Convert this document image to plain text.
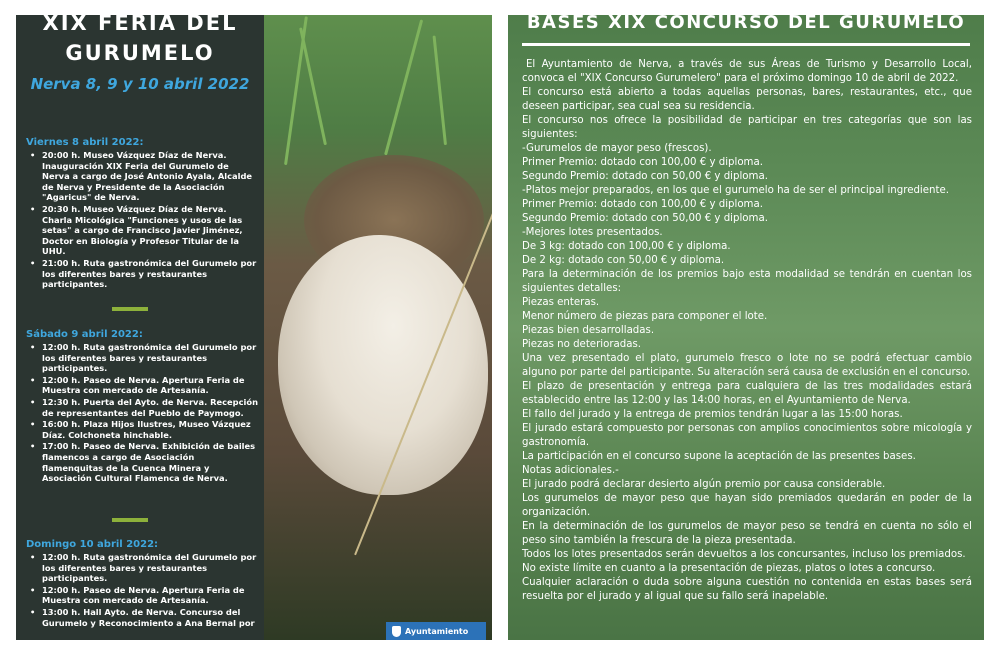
XIX FERIA DEL
GURUMELO
Nerva 8, 9 y 10 abril 2022
Viernes 8 abril 2022:
• 20:00 h. Museo Vázquez Díaz de Nerva. Inauguración XIX Feria del Gurumelo de Nerva a cargo de José Antonio Ayala, Alcalde de Nerva y Presidente de la Asociación "Agaricus" de Nerva.
• 20:30 h. Museo Vázquez Díaz de Nerva. Charla Micológica "Funciones y usos de las setas" a cargo de Francisco Javier Jiménez, Doctor en Biología y Profesor Titular de la UHU.
• 21:00 h. Ruta gastronómica del Gurumelo por los diferentes bares y restaurantes participantes.
Sábado 9 abril 2022:
• 12:00 h. Ruta gastronómica del Gurumelo por los diferentes bares y restaurantes participantes.
• 12:00 h. Paseo de Nerva. Apertura Feria de Muestra con mercado de Artesanía.
• 12:30 h. Puerta del Ayto. de Nerva. Recepción de representantes del Pueblo de Paymogo.
• 16:00 h. Plaza Hijos Ilustres, Museo Vázquez Díaz. Colchoneta hinchable.
• 17:00 h. Paseo de Nerva. Exhibición de bailes flamencos a cargo de Asociación flamenquitas de la Cuenca Minera y Asociación Cultural Flamenca de Nerva.
Domingo 10 abril 2022:
• 12:00 h. Ruta gastronómica del Gurumelo por los diferentes bares y restaurantes participantes.
• 12:00 h. Paseo de Nerva. Apertura Feria de Muestra con mercado de Artesanía.
• 13:00 h. Hall Ayto. de Nerva. Concurso del Gurumelo y Reconocimiento a Ana Bernal por
Ayuntamiento
BASES XIX CONCURSO DEL GURUMELO

El Ayuntamiento de Nerva, a través de sus Áreas de Turismo y Desarrollo Local, convoca el "XIX Concurso Gurumelero" para el próximo domingo 10 de abril de 2022.

El concurso está abierto a todas aquellas personas, bares, restaurantes, etc., que deseen participar, sea cual sea su residencia.

El concurso nos ofrece la posibilidad de participar en tres categorías que son las siguientes:

-Gurumelos de mayor peso (frescos).

Primer Premio: dotado con 100,00 € y diploma.

Segundo Premio: dotado con 50,00 € y diploma.

-Platos mejor preparados, en los que el gurumelo ha de ser el principal ingrediente.

Primer Premio: dotado con 100,00 € y diploma.

Segundo Premio: dotado con 50,00 € y diploma.

-Mejores lotes presentados.

De 3 kg: dotado con 100,00 € y diploma.

De 2 kg: dotado con 50,00 € y diploma.

Para la determinación de los premios bajo esta modalidad se tendrán en cuentan los siguientes detalles:

Piezas enteras.

Menor número de piezas para componer el lote.

Piezas bien desarrolladas.

Piezas no deterioradas.

Una vez presentado el plato, gurumelo fresco o lote no se podrá efectuar cambio alguno por parte del participante. Su alteración será causa de exclusión en el concurso.

El plazo de presentación y entrega para cualquiera de las tres modalidades estará establecido entre las 12:00 y las 14:00 horas, en el Ayuntamiento de Nerva.

El fallo del jurado y la entrega de premios tendrán lugar a las 15:00 horas.

El jurado estará compuesto por personas con amplios conocimientos sobre micología y gastronomía.

La participación en el concurso supone la aceptación de las presentes bases.

Notas adicionales.-

El jurado podrá declarar desierto algún premio por causa considerable.

Los gurumelos de mayor peso que hayan sido premiados quedarán en poder de la organización.

En la determinación de los gurumelos de mayor peso se tendrá en cuenta no sólo el peso sino también la frescura de la pieza presentada.

Todos los lotes presentados serán devueltos a los concursantes, incluso los premiados.

No existe límite en cuanto a la presentación de piezas, platos o lotes a concurso.

Cualquier aclaración o duda sobre alguna cuestión no contenida en estas bases será resuelta por el jurado y al igual que su fallo será inapelable.
